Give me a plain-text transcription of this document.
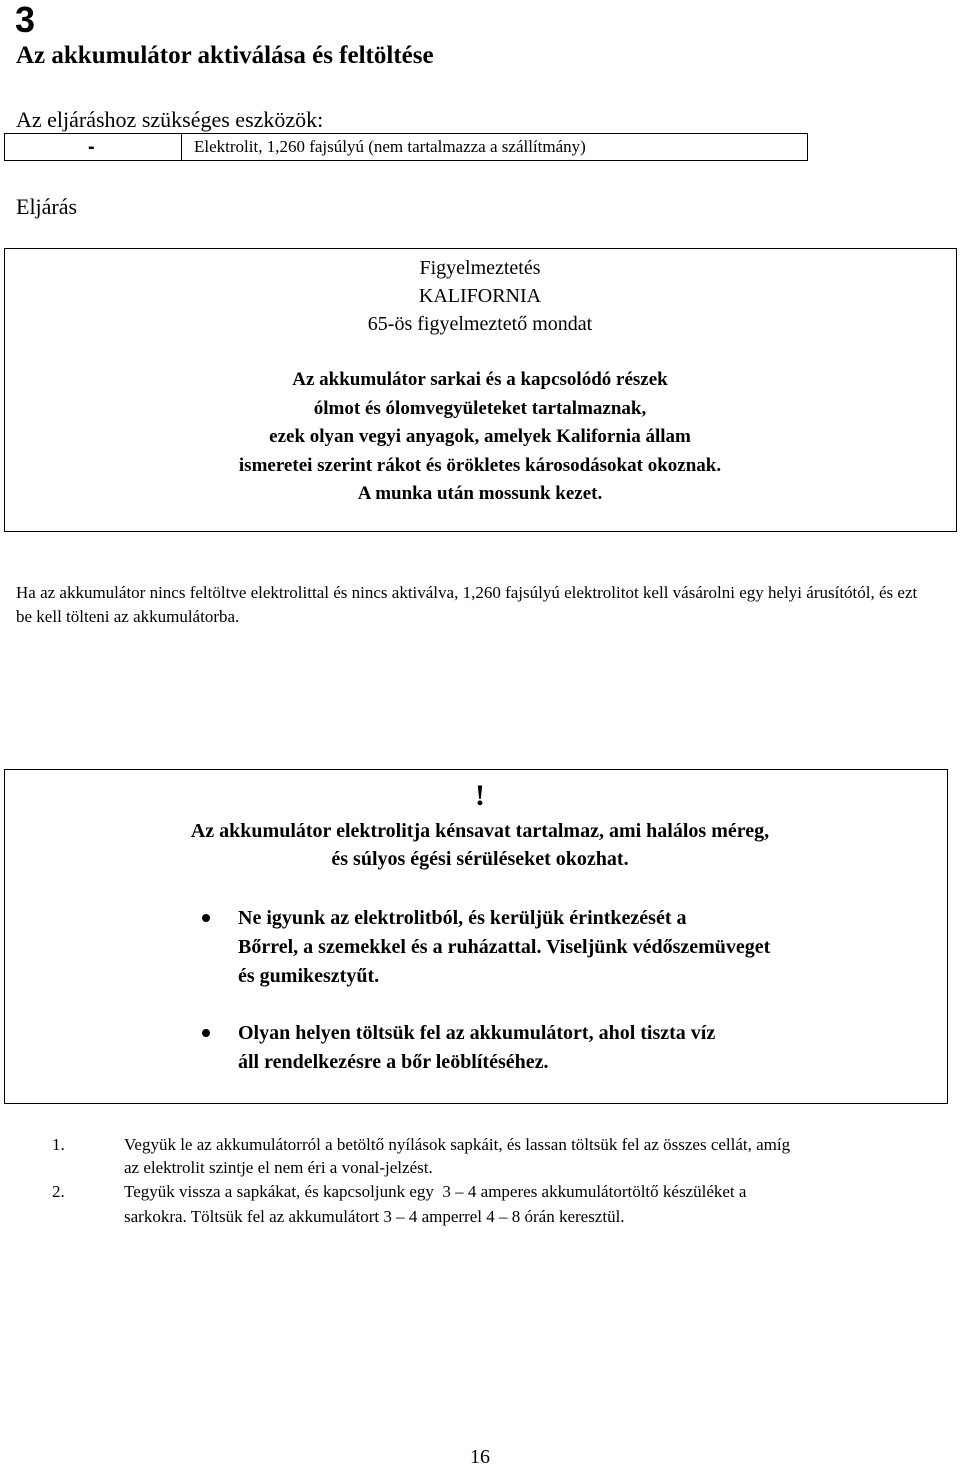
3
Az akkumulátor aktiválása és feltöltése
Az eljáráshoz szükséges eszközök:
-	Elektrolit, 1,260 fajsúlyú (nem tartalmazza a szállítmány)
Eljárás
Figyelmeztetés
KALIFORNIA
65-ös figyelmeztető mondat
Az akkumulátor sarkai és a kapcsolódó részek
ólmot és ólomvegyületeket tartalmaznak,
ezek olyan vegyi anyagok, amelyek Kalifornia állam
ismeretei szerint rákot és örökletes károsodásokat okoznak.
A munka után mossunk kezet.
Ha az akkumulátor nincs feltöltve elektrolittal és nincs aktiválva, 1,260 fajsúlyú elektrolitot kell vásárolni egy helyi árusítótól, és ezt be kell tölteni az akkumulátorba.
!
Az akkumulátor elektrolitja kénsavat tartalmaz, ami halálos méreg,
és súlyos égési sérüléseket okozhat.
Ne igyunk az elektrolitból, és kerüljük érintkezését a
Bőrrel, a szemekkel és a ruházattal. Viseljünk védőszemüveget
és gumikesztyűt.
Olyan helyen töltsük fel az akkumulátort, ahol tiszta víz
áll rendelkezésre a bőr leöblítéséhez.
1.	Vegyük le az akkumulátorról a betöltő nyílások sapkáit, és lassan töltsük fel az összes cellát, amíg
az elektrolit szintje el nem éri a vonal-jelzést.
2.	Tegyük vissza a sapkákat, és kapcsoljunk egy  3 – 4 amperes akkumulátortöltő készüléket a
sarkokra. Töltsük fel az akkumulátort 3 – 4 amperrel 4 – 8 órán keresztül.
16
